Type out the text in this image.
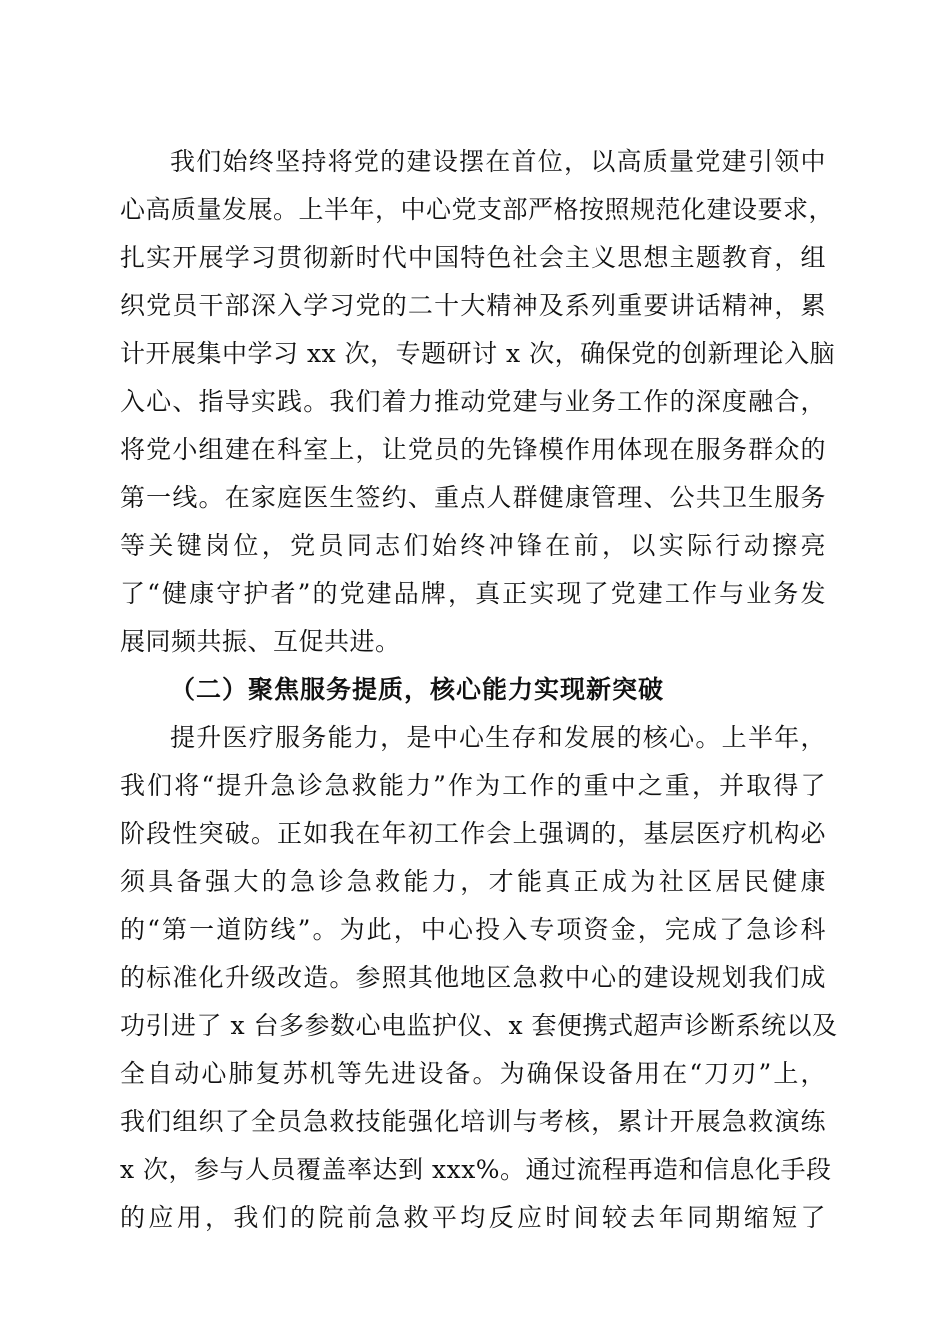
我们始终坚持将党的建设摆在首位，以高质量党建引领中
心高质量发展。上半年，中心党支部严格按照规范化建设要求，
扎实开展学习贯彻新时代中国特色社会主义思想主题教育，组
织党员干部深入学习党的二十大精神及系列重要讲话精神，累
计开展集中学习 xx 次，专题研讨 x 次，确保党的创新理论入脑
入心、指导实践。我们着力推动党建与业务工作的深度融合，
将党小组建在科室上，让党员的先锋模作用体现在服务群众的
第一线。在家庭医生签约、重点人群健康管理、公共卫生服务
等关键岗位，党员同志们始终冲锋在前，以实际行动擦亮
了“健康守护者”的党建品牌，真正实现了党建工作与业务发
展同频共振、互促共进。
（二）聚焦服务提质，核心能力实现新突破
提升医疗服务能力，是中心生存和发展的核心。上半年，
我们将“提升急诊急救能力”作为工作的重中之重，并取得了
阶段性突破。正如我在年初工作会上强调的，基层医疗机构必
须具备强大的急诊急救能力，才能真正成为社区居民健康
的“第一道防线”。为此，中心投入专项资金，完成了急诊科
的标准化升级改造。参照其他地区急救中心的建设规划我们成
功引进了 x 台多参数心电监护仪、x 套便携式超声诊断系统以及
全自动心肺复苏机等先进设备。为确保设备用在“刀刃”上，
我们组织了全员急救技能强化培训与考核，累计开展急救演练
x 次，参与人员覆盖率达到 xxx%。通过流程再造和信息化手段
的应用，我们的院前急救平均反应时间较去年同期缩短了
